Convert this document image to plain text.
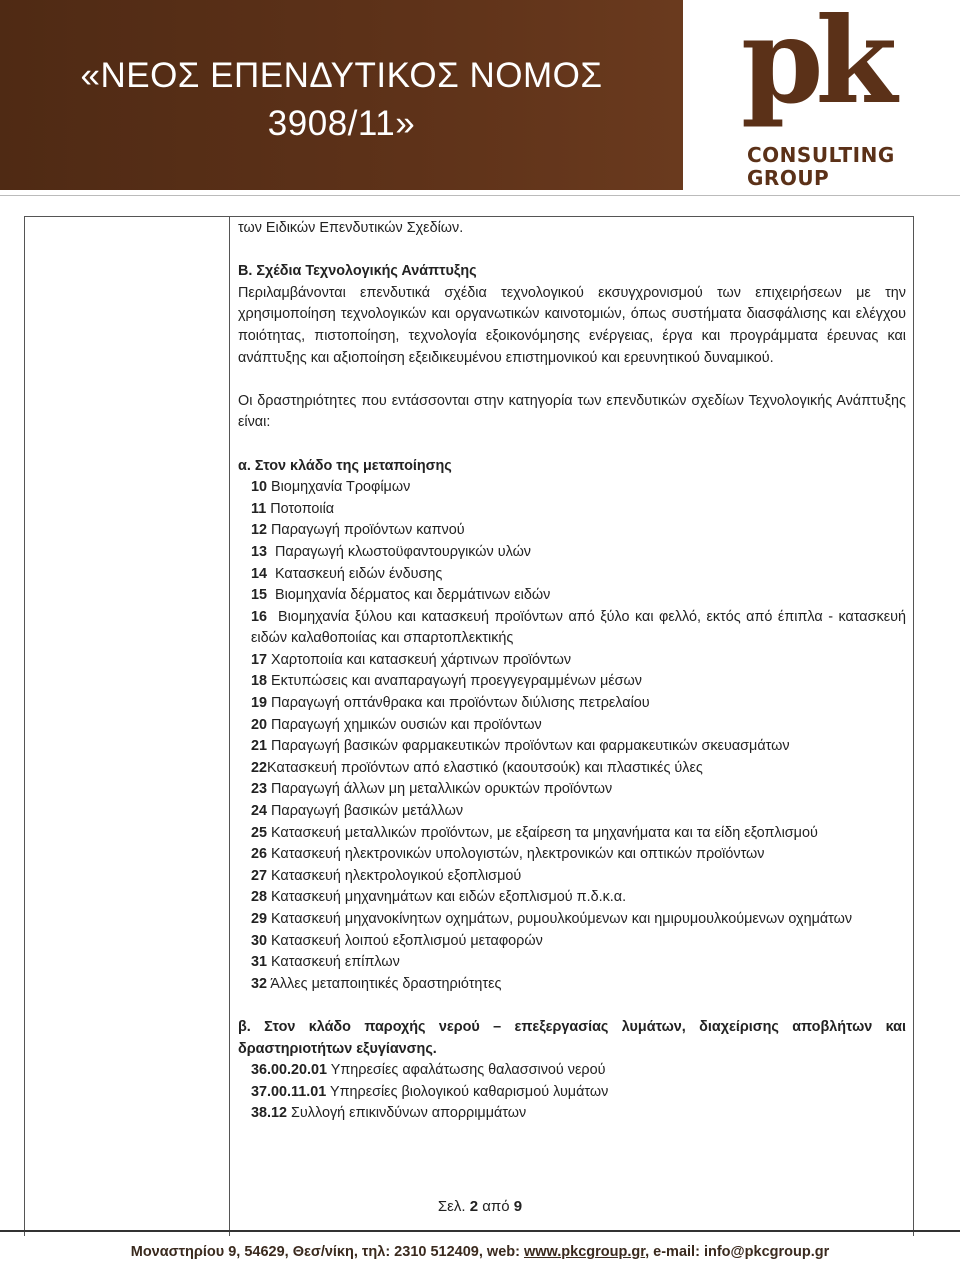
«ΝΕΟΣ ΕΠΕΝΔΥΤΙΚΟΣ ΝΟΜΟΣ
3908/11»	pk
CONSULTING
GROUP

των Ειδικών Επενδυτικών Σχεδίων.

Β. Σχέδια Τεχνολογικής Ανάπτυξης

Περιλαμβάνονται επενδυτικά σχέδια τεχνολογικού εκσυγχρονισμού των επιχειρήσεων με την χρησιμοποίηση τεχνολογικών και οργανωτικών καινοτομιών, όπως συστήματα διασφάλισης και ελέγχου ποιότητας, πιστοποίηση, τεχνολογία εξοικονόμησης ενέργειας, έργα και προγράμματα έρευνας και ανάπτυξης και αξιοποίηση εξειδικευμένου επιστημονικού και ερευνητικού δυναμικού.

Οι δραστηριότητες που εντάσσονται στην κατηγορία των επενδυτικών σχεδίων Τεχνολογικής Ανάπτυξης είναι:

α. Στον κλάδο της μεταποίησης

10 Βιομηχανία Τροφίμων

11 Ποτοποιία

12 Παραγωγή προϊόντων καπνού

13  Παραγωγή κλωστοϋφαντουργικών υλών

14  Κατασκευή ειδών ένδυσης

15  Βιομηχανία δέρματος και δερμάτινων ειδών

16  Βιομηχανία ξύλου και κατασκευή προϊόντων από ξύλο και φελλό, εκτός από έπιπλα - κατασκευή ειδών καλαθοποιίας και σπαρτοπλεκτικής

17 Χαρτοποιία και κατασκευή χάρτινων προϊόντων

18 Εκτυπώσεις και αναπαραγωγή προεγγεγραμμένων μέσων

19 Παραγωγή οπτάνθρακα και προϊόντων διύλισης πετρελαίου

20 Παραγωγή χημικών ουσιών και προϊόντων

21 Παραγωγή βασικών φαρμακευτικών προϊόντων και φαρμακευτικών σκευασμάτων

22Κατασκευή προϊόντων από ελαστικό (καουτσούκ) και πλαστικές ύλες

23 Παραγωγή άλλων μη μεταλλικών ορυκτών προϊόντων

24 Παραγωγή βασικών μετάλλων

25 Κατασκευή μεταλλικών προϊόντων, με εξαίρεση τα μηχανήματα και τα είδη εξοπλισμού

26 Κατασκευή ηλεκτρονικών υπολογιστών, ηλεκτρονικών και οπτικών προϊόντων

27 Κατασκευή ηλεκτρολογικού εξοπλισμού

28 Κατασκευή μηχανημάτων και ειδών εξοπλισμού π.δ.κ.α.

29 Κατασκευή μηχανοκίνητων οχημάτων, ρυμουλκούμενων και ημιρυμουλκούμενων οχημάτων

30 Κατασκευή λοιπού εξοπλισμού μεταφορών

31 Κατασκευή επίπλων

32 Άλλες μεταποιητικές δραστηριότητες

β. Στον κλάδο παροχής νερού – επεξεργασίας λυμάτων, διαχείρισης αποβλήτων και δραστηριοτήτων εξυγίανσης.

36.00.20.01 Υπηρεσίες αφαλάτωσης θαλασσινού νερού

37.00.11.01 Υπηρεσίες βιολογικού καθαρισμού λυμάτων

38.12 Συλλογή επικινδύνων απορριμμάτων

Σελ. 2 από 9
Μοναστηρίου 9, 54629, Θεσ/νίκη, τηλ: 2310 512409, web: www.pkcgroup.gr, e-mail: info@pkcgroup.gr
